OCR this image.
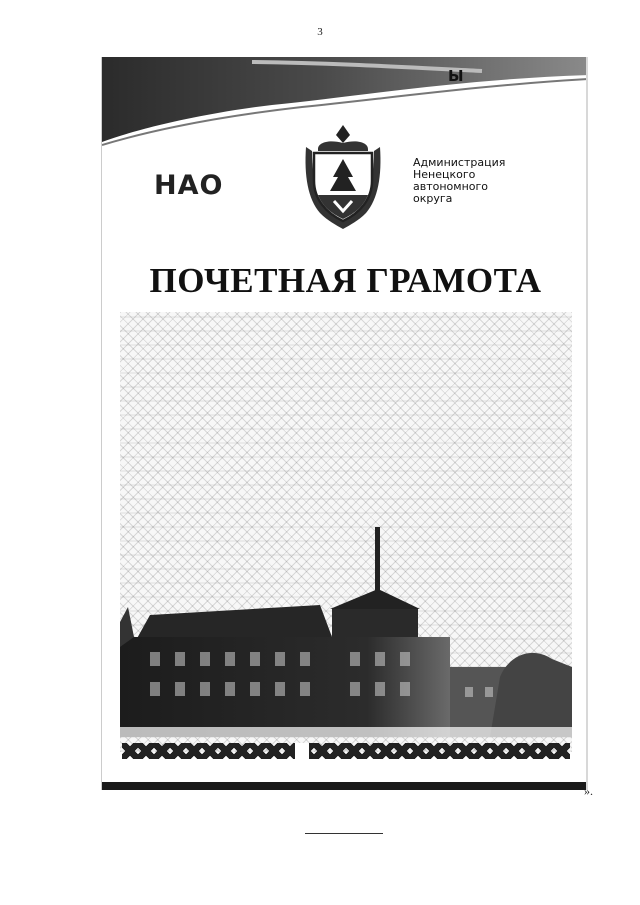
3
Ы
НАО
Администрация
Ненецкого
автономного
округа
ПОЧЕТНАЯ ГРАМОТА
».
